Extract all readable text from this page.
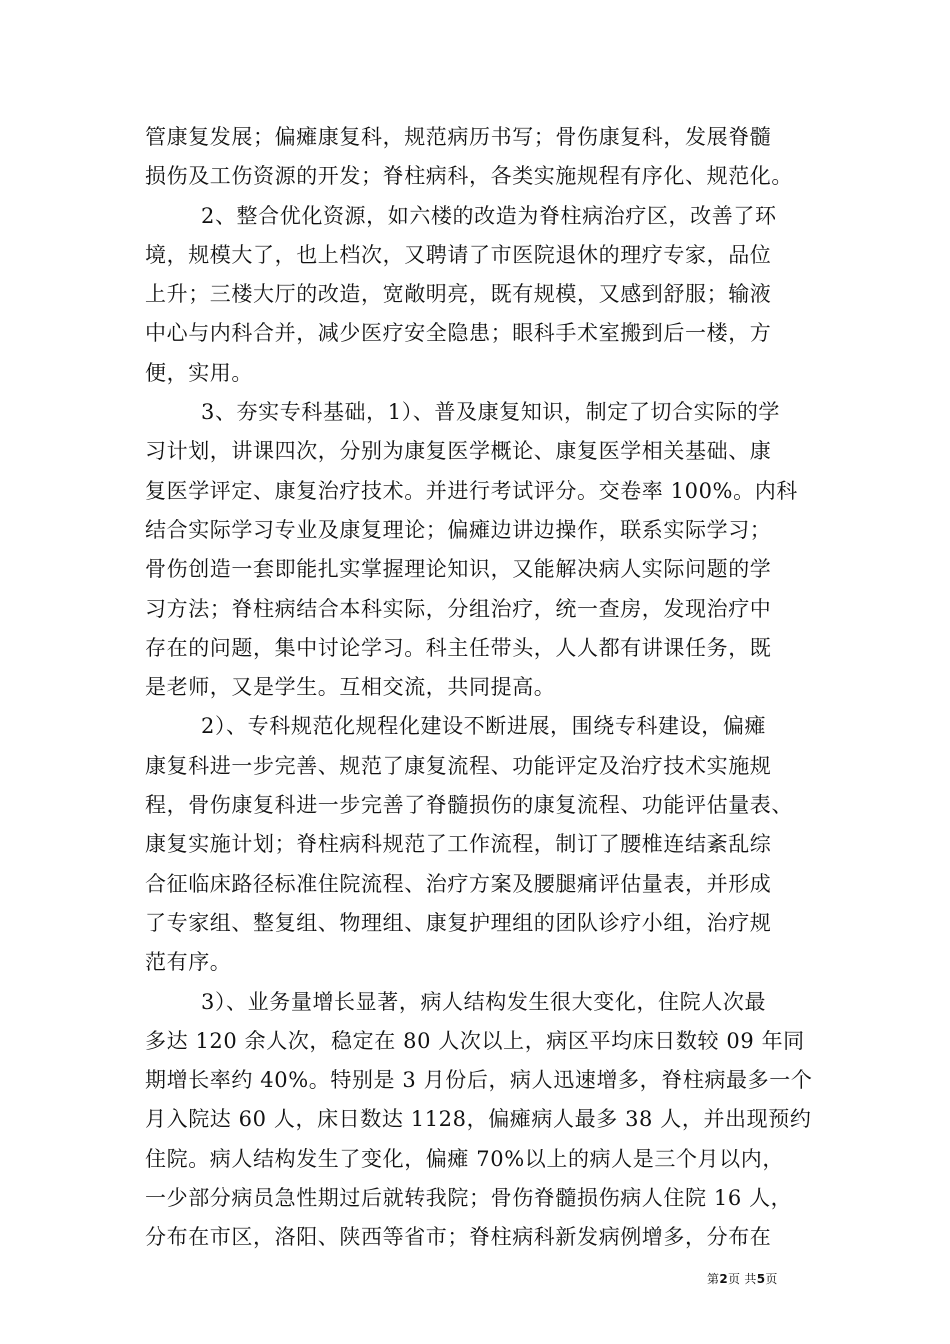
管康复发展；偏瘫康复科，规范病历书写；骨伤康复科，发展脊髓
损伤及工伤资源的开发；脊柱病科，各类实施规程有序化、规范化。
2、整合优化资源，如六楼的改造为脊柱病治疗区，改善了环
境，规模大了，也上档次，又聘请了市医院退休的理疗专家，品位
上升；三楼大厅的改造，宽敞明亮，既有规模，又感到舒服；输液
中心与内科合并，减少医疗安全隐患；眼科手术室搬到后一楼，方
便，实用。
3、夯实专科基础，1）、普及康复知识，制定了切合实际的学
习计划，讲课四次，分别为康复医学概论、康复医学相关基础、康
复医学评定、康复治疗技术。并进行考试评分。交卷率 100%。内科
结合实际学习专业及康复理论；偏瘫边讲边操作，联系实际学习；
骨伤创造一套即能扎实掌握理论知识，又能解决病人实际问题的学
习方法；脊柱病结合本科实际，分组治疗，统一查房，发现治疗中
存在的问题，集中讨论学习。科主任带头，人人都有讲课任务，既
是老师，又是学生。互相交流，共同提高。
2）、专科规范化规程化建设不断进展，围绕专科建设，偏瘫
康复科进一步完善、规范了康复流程、功能评定及治疗技术实施规
程，骨伤康复科进一步完善了脊髓损伤的康复流程、功能评估量表、
康复实施计划；脊柱病科规范了工作流程，制订了腰椎连结紊乱综
合征临床路径标准住院流程、治疗方案及腰腿痛评估量表，并形成
了专家组、整复组、物理组、康复护理组的团队诊疗小组，治疗规
范有序。
3）、业务量增长显著，病人结构发生很大变化，住院人次最
多达 120 余人次，稳定在 80 人次以上，病区平均床日数较 09 年同
期增长率约 40%。特别是 3 月份后，病人迅速增多，脊柱病最多一个
月入院达 60 人，床日数达 1128，偏瘫病人最多 38 人，并出现预约
住院。病人结构发生了变化，偏瘫 70%以上的病人是三个月以内，
一少部分病员急性期过后就转我院；骨伤脊髓损伤病人住院 16 人，
分布在市区，洛阳、陕西等省市；脊柱病科新发病例增多，分布在
第2页 共5页
